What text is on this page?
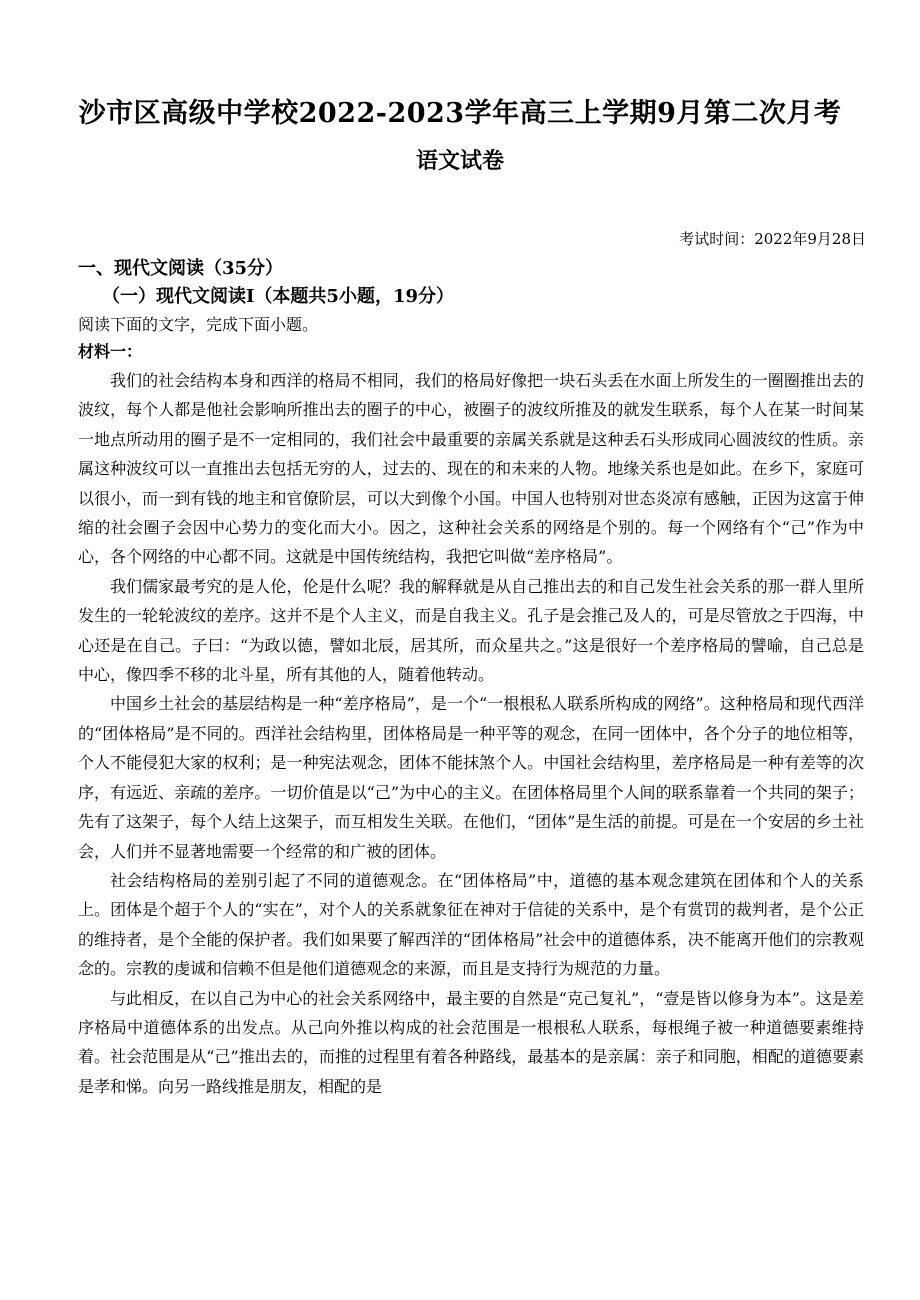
沙市区高级中学校2022-2023学年高三上学期9月第二次月考
语文试卷
考试时间：2022年9月28日
一、现代文阅读（35分）
（一）现代文阅读I（本题共5小题，19分）
阅读下面的文字，完成下面小题。
材料一：

我们的社会结构本身和西洋的格局不相同，我们的格局好像把一块石头丢在水面上所发生的一圈圈推出去的波纹，每个人都是他社会影响所推出去的圈子的中心，被圈子的波纹所推及的就发生联系，每个人在某一时间某一地点所动用的圈子是不一定相同的，我们社会中最重要的亲属关系就是这种丢石头形成同心圆波纹的性质。亲属这种波纹可以一直推出去包括无穷的人，过去的、现在的和未来的人物。地缘关系也是如此。在乡下，家庭可以很小，而一到有钱的地主和官僚阶层，可以大到像个小国。中国人也特别对世态炎凉有感触，正因为这富于伸缩的社会圈子会因中心势力的变化而大小。因之，这种社会关系的网络是个别的。每一个网络有个“己”作为中心，各个网络的中心都不同。这就是中国传统结构，我把它叫做“差序格局”。

我们儒家最考究的是人伦，伦是什么呢？我的解释就是从自己推出去的和自己发生社会关系的那一群人里所发生的一轮轮波纹的差序。这并不是个人主义，而是自我主义。孔子是会推己及人的，可是尽管放之于四海，中心还是在自己。子曰：“为政以德，譬如北辰，居其所，而众星共之。”这是很好一个差序格局的譬喻，自己总是中心，像四季不移的北斗星，所有其他的人，随着他转动。

中国乡土社会的基层结构是一种“差序格局”，是一个“一根根私人联系所构成的网络”。这种格局和现代西洋的“团体格局”是不同的。西洋社会结构里，团体格局是一种平等的观念，在同一团体中，各个分子的地位相等，个人不能侵犯大家的权利；是一种宪法观念，团体不能抹煞个人。中国社会结构里，差序格局是一种有差等的次序，有远近、亲疏的差序。一切价值是以“己”为中心的主义。在团体格局里个人间的联系靠着一个共同的架子；先有了这架子，每个人结上这架子，而互相发生关联。在他们，“团体”是生活的前提。可是在一个安居的乡土社会，人们并不显著地需要一个经常的和广被的团体。

社会结构格局的差别引起了不同的道德观念。在“团体格局”中，道德的基本观念建筑在团体和个人的关系上。团体是个超于个人的“实在”，对个人的关系就象征在神对于信徒的关系中，是个有赏罚的裁判者，是个公正的维持者，是个全能的保护者。我们如果要了解西洋的“团体格局”社会中的道德体系，决不能离开他们的宗教观念的。宗教的虔诚和信赖不但是他们道德观念的来源，而且是支持行为规范的力量。

与此相反，在以自己为中心的社会关系网络中，最主要的自然是“克己复礼”，“壹是皆以修身为本”。这是差序格局中道德体系的出发点。从己向外推以构成的社会范围是一根根私人联系，每根绳子被一种道德要素维持着。社会范围是从“己”推出去的，而推的过程里有着各种路线，最基本的是亲属：亲子和同胞，相配的道德要素是孝和悌。向另一路线推是朋友，相配的是
